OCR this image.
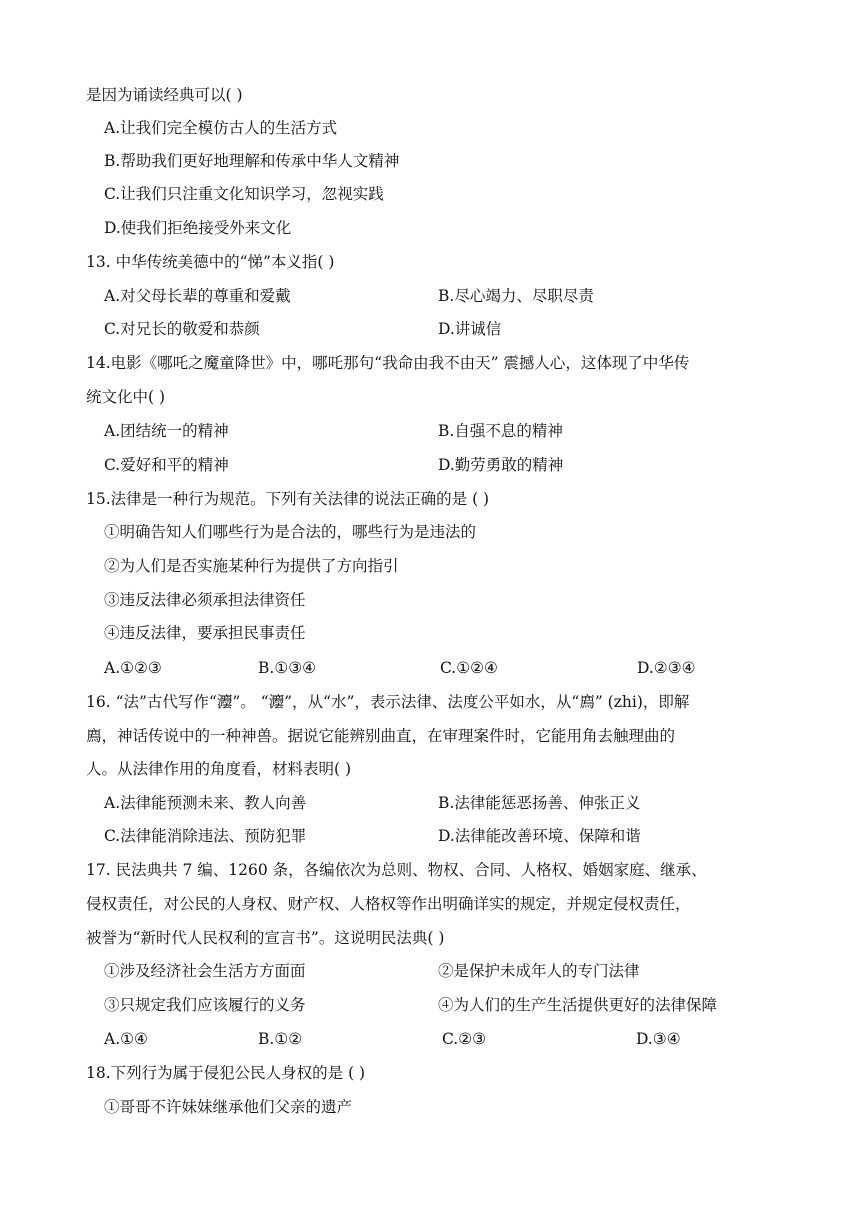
是因为诵读经典可以( )
A.让我们完全模仿古人的生活方式
B.帮助我们更好地理解和传承中华人文精神
C.让我们只注重文化知识学习，忽视实践
D.使我们拒绝接受外来文化
13. 中华传统美德中的“悌”本义指( )
A.对父母长辈的尊重和爱戴	B.尽心竭力、尽职尽责
C.对兄长的敬爱和恭颜	D.讲诚信
14.电影《哪吒之魔童降世》中，哪吒那句“我命由我不由天” 震撼人心，这体现了中华传
统文化中( )
A.团结统一的精神	B.自强不息的精神
C.爱好和平的精神	D.勤劳勇敢的精神
15.法律是一种行为规范。下列有关法律的说法正确的是 ( )
①明确告知人们哪些行为是合法的，哪些行为是违法的
②为人们是否实施某种行为提供了方向指引
③违反法律必须承担法律资任
④违反法律，要承担民事责任
A.①②③	B.①③④	C.①②④	D.②③④
16. “法”古代写作“灋”。 “灋”，从“水”，表示法律、法度公平如水，从“廌” (zhi)，即解
廌，神话传说中的一种神兽。据说它能辨别曲直，在审理案件时，它能用角去触理曲的
人。从法律作用的角度看，材料表明( )
A.法律能预测未来、教人向善	B.法律能惩恶扬善、伸张正义
C.法律能消除违法、预防犯罪	D.法律能改善环境、保障和谐
17. 民法典共 7 编、1260 条，各编依次为总则、物权、合同、人格权、婚姻家庭、继承、
侵权责任，对公民的人身权、财产权、人格权等作出明确详实的规定，并规定侵权责任，
被誉为“新时代人民权利的宣言书”。这说明民法典( )
①涉及经济社会生活方方面面	②是保护未成年人的专门法律
③只规定我们应该履行的义务	④为人们的生产生活提供更好的法律保障
A.①④	B.①②	C.②③	D.③④
18.下列行为属于侵犯公民人身权的是 ( )
①哥哥不许妹妹继承他们父亲的遗产
